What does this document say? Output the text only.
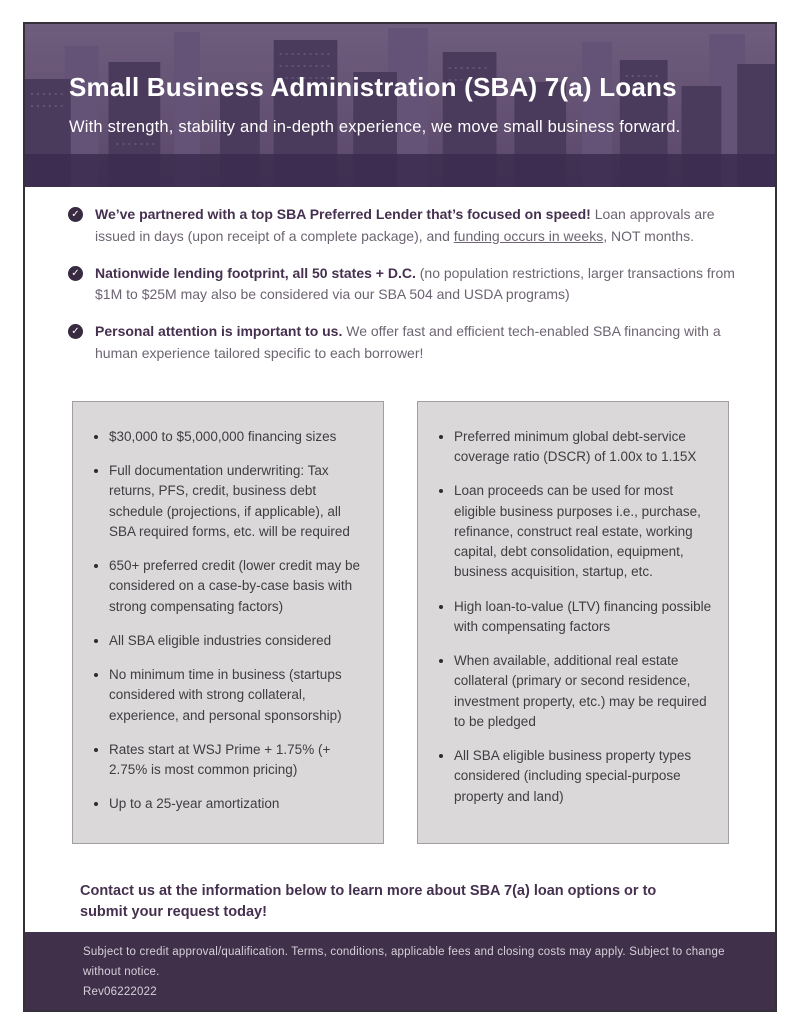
Small Business Administration (SBA) 7(a) Loans

With strength, stability and in-depth experience, we move small business forward.

✓ We’ve partnered with a top SBA Preferred Lender that’s focused on speed! Loan approvals are issued in days (upon receipt of a complete package), and funding occurs in weeks, NOT months.

✓ Nationwide lending footprint, all 50 states + D.C. (no population restrictions, larger transactions from $1M to $25M may also be considered via our SBA 504 and USDA programs)

✓ Personal attention is important to us. We offer fast and efficient tech-enabled SBA financing with a human experience tailored specific to each borrower!

$30,000 to $5,000,000 financing sizes
Full documentation underwriting: Tax returns, PFS, credit, business debt schedule (projections, if applicable), all SBA required forms, etc. will be required
650+ preferred credit (lower credit may be considered on a case-by-case basis with strong compensating factors)
All SBA eligible industries considered
No minimum time in business (startups considered with strong collateral, experience, and personal sponsorship)
Rates start at WSJ Prime + 1.75% (+ 2.75% is most common pricing)
Up to a 25-year amortization
Preferred minimum global debt-service coverage ratio (DSCR) of 1.00x to 1.15X
Loan proceeds can be used for most eligible business purposes i.e., purchase, refinance, construct real estate, working capital, debt consolidation, equipment, business acquisition, startup, etc.
High loan-to-value (LTV) financing possible with compensating factors
When available, additional real estate collateral (primary or second residence, investment property, etc.) may be required to be pledged
All SBA eligible business property types considered (including special-purpose property and land)

Contact us at the information below to learn more about SBA 7(a) loan options or to submit your request today!

Subject to credit approval/qualification. Terms, conditions, applicable fees and closing costs may apply. Subject to change without notice.
Rev06222022
